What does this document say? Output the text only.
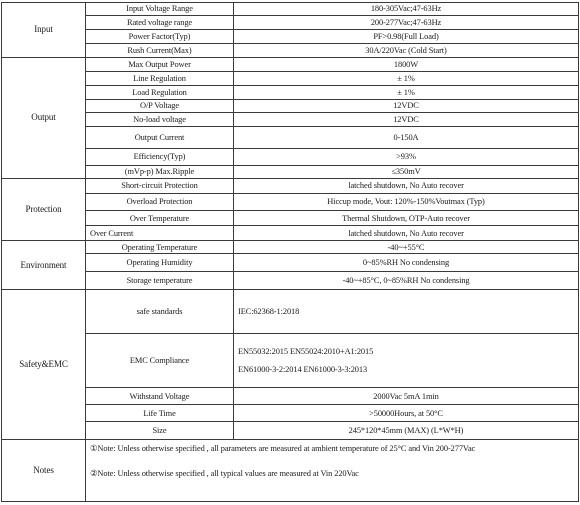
Input	Input Voltage Range	180-305Vac;47-63Hz
	Rated voltage range	200-277Vac;47-63Hz
	Power Factor(Typ)	PF>0.98(Full Load)
	Rush Current(Max)	30A/220Vac (Cold Start)
Output	Max Output Power	1800W
	Line Regulation	± 1%
	Load Regulation	± 1%
	O/P Voltage	12VDC
	No-load voltage	12VDC
	Output Current	0-150A
	Efficiency(Typ)	>93%
	(mVp-p) Max.Ripple	≤350mV
Protection	Short-circuit Protection	latched shutdown, No Auto recover
	Overload Protection	Hiccup mode, Vout: 120%-150%Voutmax (Typ)
	Over Temperature	Thermal Shutdown, OTP-Auto recover
	Over Current	latched shutdown, No Auto recover
Environment	Operating Temperature	-40~+55°C
	Operating Humidity	0~85%RH No condensing
	Storage temperature	-40~+85°C, 0~85%RH No condensing
Safety&EMC	safe standards	IEC:62368-1:2018
	EMC Compliance	EN55032:2015 EN55024:2010+A1:2015
EN61000-3-2:2014 EN61000-3-3:2013

	Withstand Voltage	2000Vac 5mA 1min
	Life Time	>50000Hours, at 50°C
	Size	245*120*45mm (MAX) (L*W*H)
Notes	①Note: Unless otherwise specified , all parameters are measured at ambient temperature of 25°C and Vin 200-277Vac
②Note: Unless otherwise specified , all typical values are measured at Vin 220Vac	
